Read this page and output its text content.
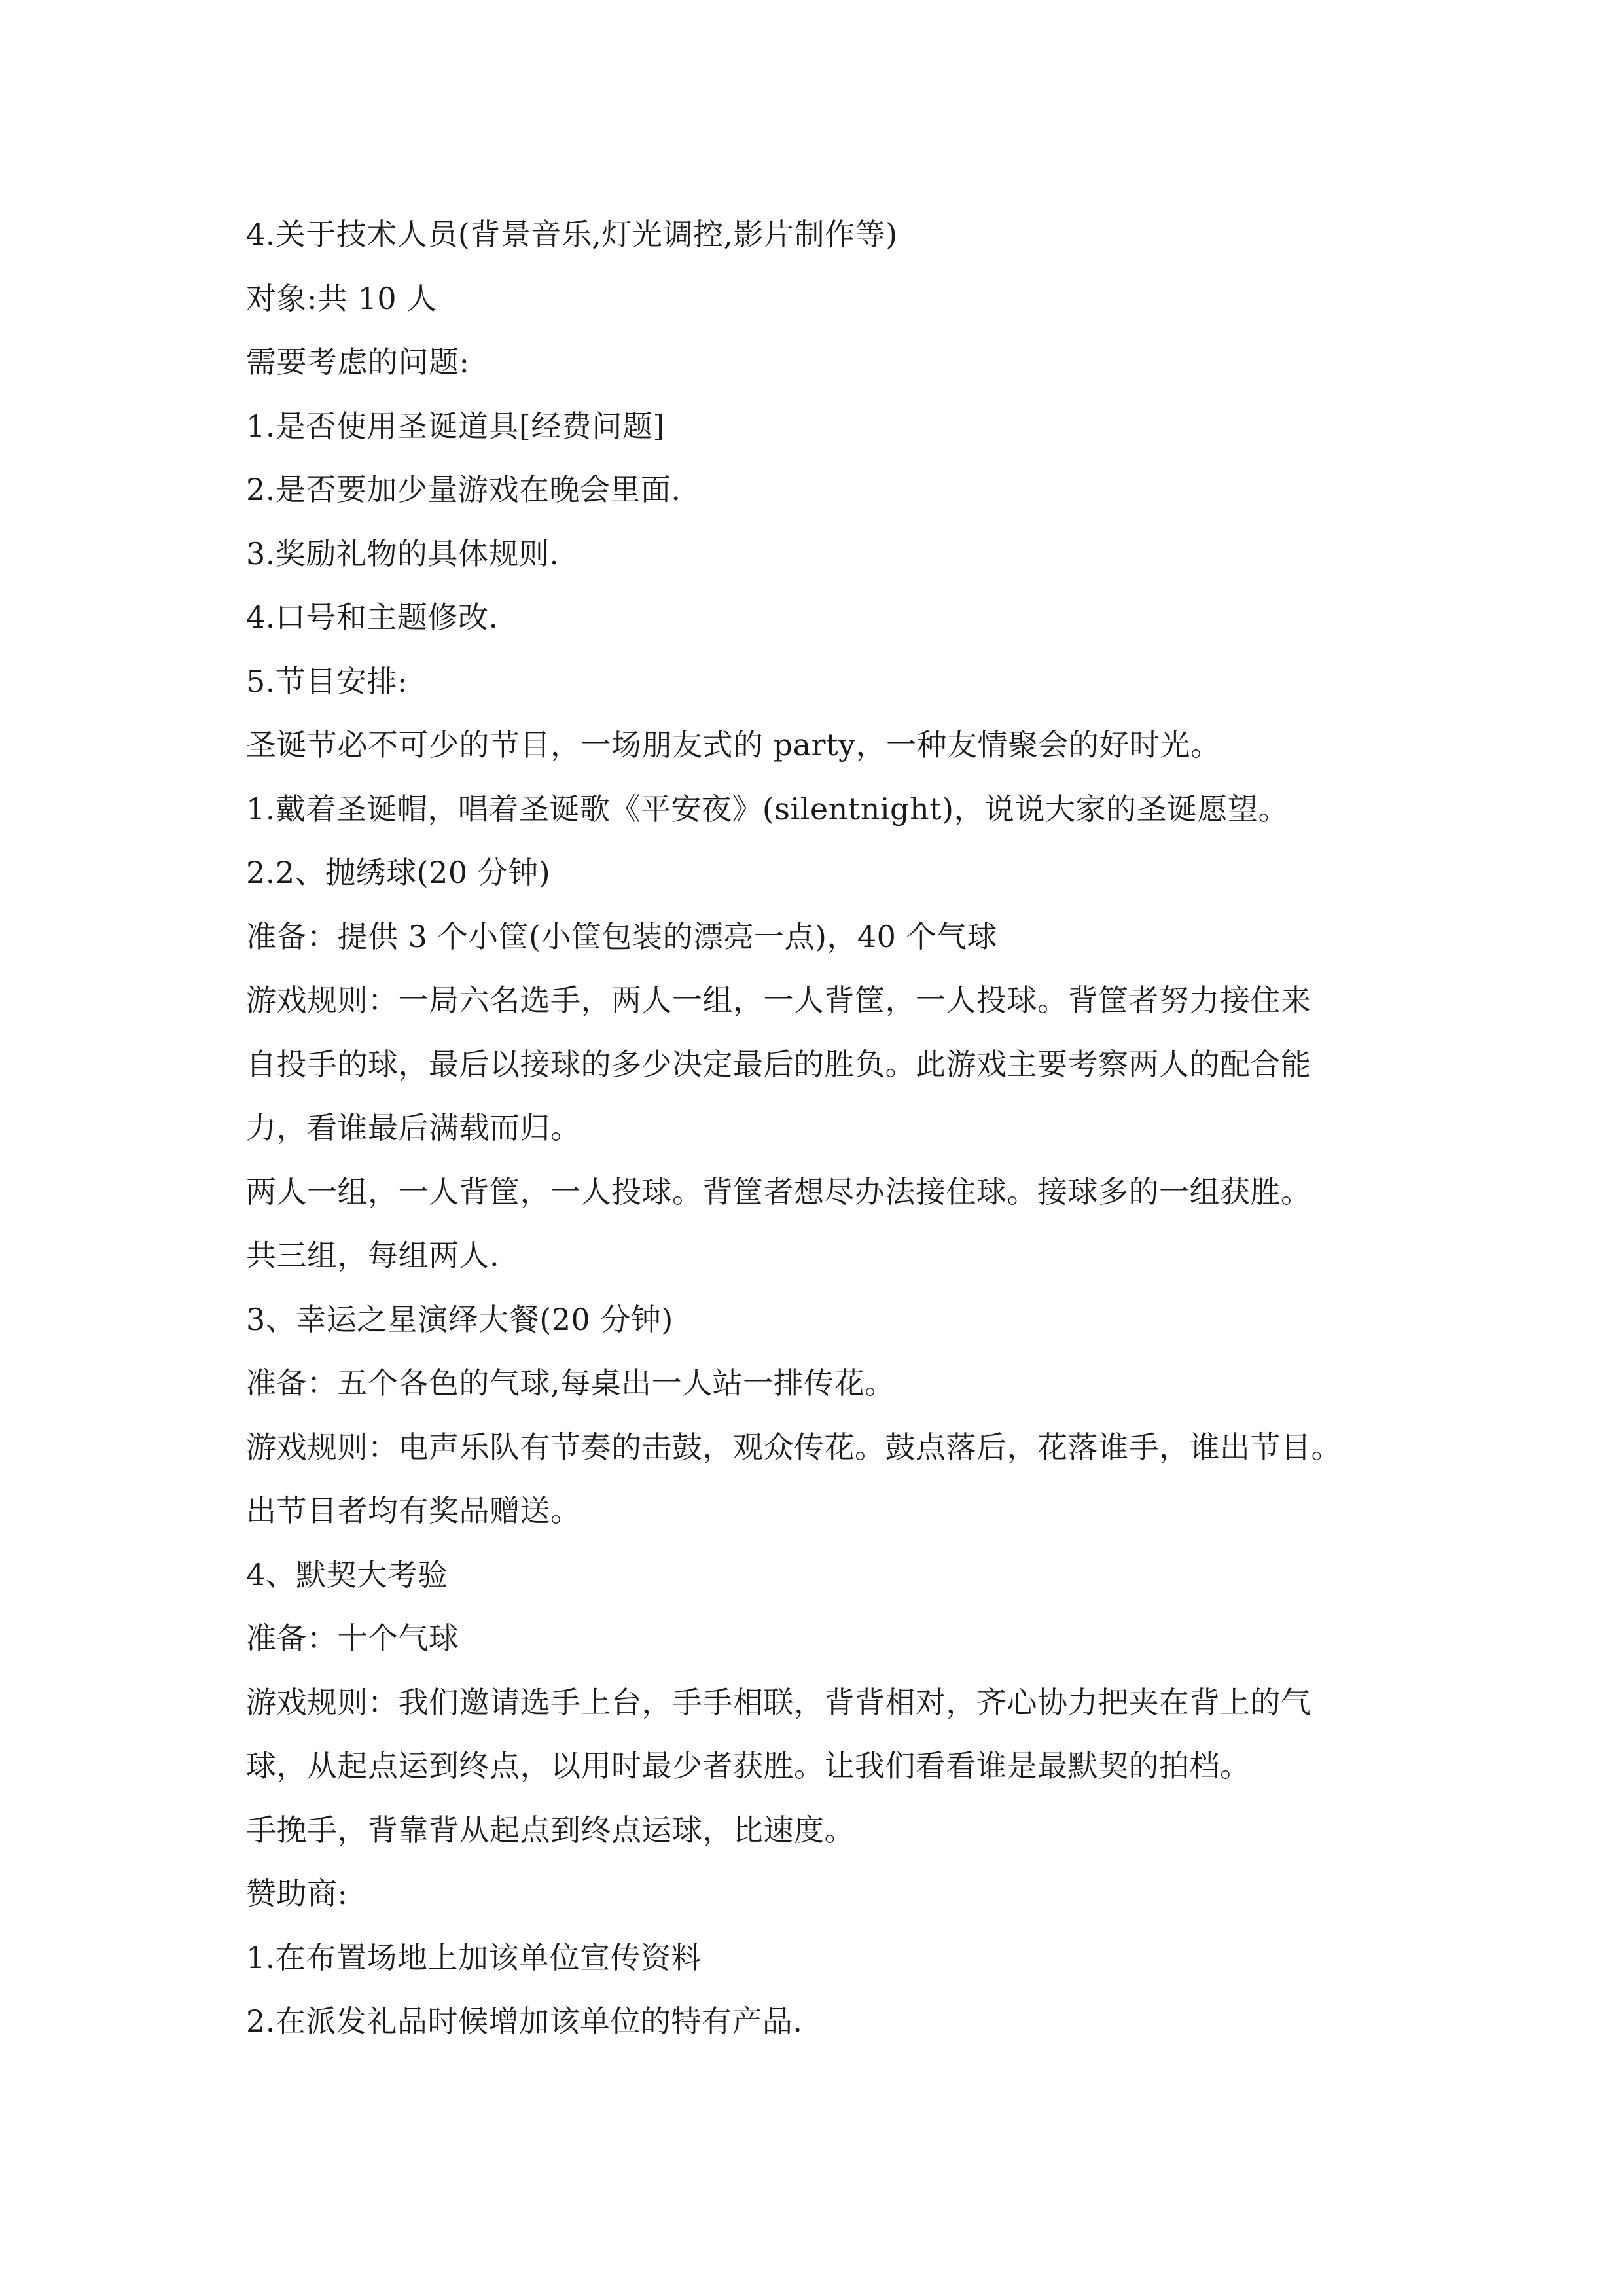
4.关于技术人员(背景音乐,灯光调控,影片制作等)
对象:共 10 人
需要考虑的问题:
1.是否使用圣诞道具[经费问题]
2.是否要加少量游戏在晚会里面.
3.奖励礼物的具体规则.
4.口号和主题修改.
5.节目安排:
圣诞节必不可少的节目，一场朋友式的 party，一种友情聚会的好时光。
1.戴着圣诞帽，唱着圣诞歌《平安夜》(silentnight)，说说大家的圣诞愿望。
2.2、抛绣球(20 分钟)
准备：提供 3 个小筐(小筐包装的漂亮一点)，40 个气球
游戏规则：一局六名选手，两人一组，一人背筐，一人投球。背筐者努力接住来
自投手的球，最后以接球的多少决定最后的胜负。此游戏主要考察两人的配合能
力，看谁最后满载而归。
两人一组，一人背筐，一人投球。背筐者想尽办法接住球。接球多的一组获胜。
共三组，每组两人.
3、幸运之星演绎大餐(20 分钟)
准备：五个各色的气球,每桌出一人站一排传花。
游戏规则：电声乐队有节奏的击鼓，观众传花。鼓点落后，花落谁手，谁出节目。
出节目者均有奖品赠送。
4、默契大考验
准备：十个气球
游戏规则：我们邀请选手上台，手手相联，背背相对，齐心协力把夹在背上的气
球，从起点运到终点，以用时最少者获胜。让我们看看谁是最默契的拍档。
手挽手，背靠背从起点到终点运球，比速度。
赞助商:
1.在布置场地上加该单位宣传资料
2.在派发礼品时候增加该单位的特有产品.
